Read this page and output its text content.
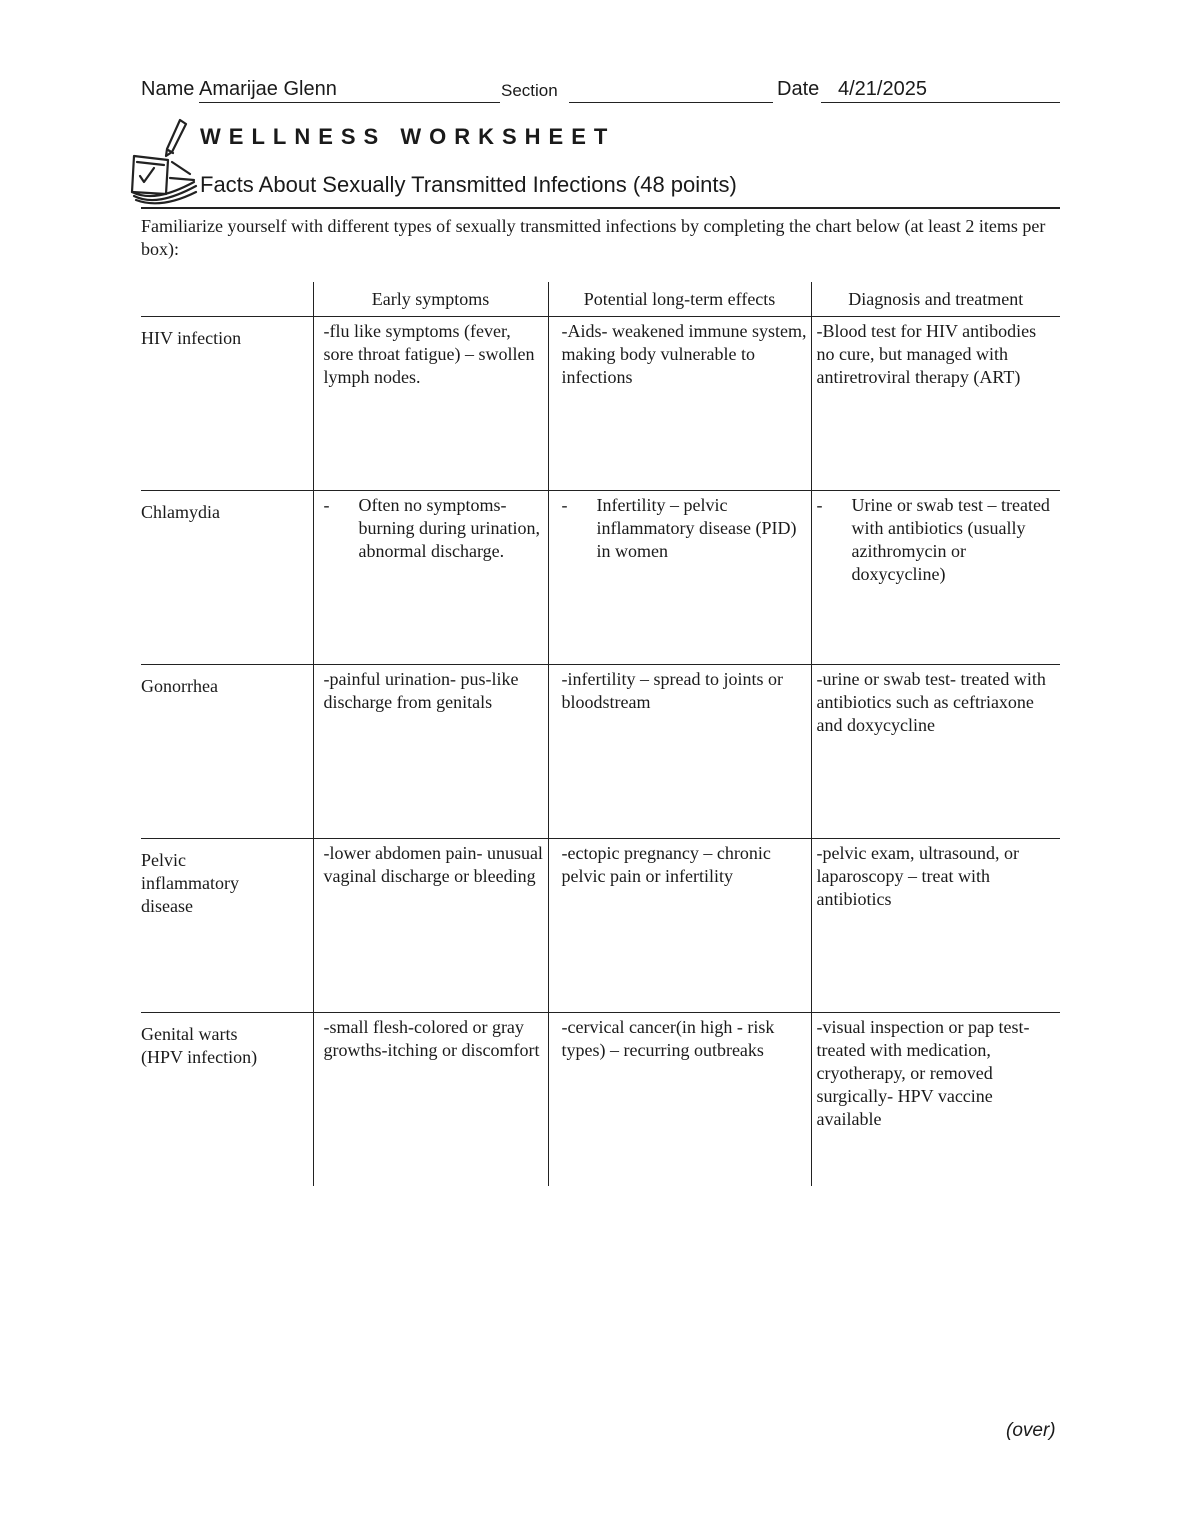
Name Amarijae Glenn	Section	Date 4/21/2025
WELLNESS WORKSHEET
Facts About Sexually Transmitted Infections (48 points)
Familiarize yourself with different types of sexually transmitted infections by completing the chart below (at least 2 items per box):
	Early symptoms	Potential long-term effects	Diagnosis and treatment

HIV infection	-flu like symptoms (fever, sore throat fatigue) – swollen lymph nodes.	-Aids- weakened immune system, making body vulnerable to infections	-Blood test for HIV antibodies no cure, but managed with antiretroviral therapy (ART)

Chlamydia	- Often no symptoms- burning during urination, abnormal discharge.	- Infertility – pelvic inflammatory disease (PID) in women	- Urine or swab test – treated with antibiotics (usually azithromycin or doxycycline)

Gonorrhea	-painful urination- pus-like discharge from genitals	-infertility – spread to joints or bloodstream	-urine or swab test- treated with antibiotics such as ceftriaxone and doxycycline

Pelvic inflammatory disease	-lower abdomen pain- unusual vaginal discharge or bleeding	-ectopic pregnancy – chronic pelvic pain or infertility	-pelvic exam, ultrasound, or laparoscopy – treat with antibiotics

Genital warts (HPV infection)	-small flesh-colored or gray growths-itching or discomfort	-cervical cancer(in high - risk types) – recurring outbreaks	-visual inspection or pap test- treated with medication, cryotherapy, or removed surgically- HPV vaccine available
(over)
